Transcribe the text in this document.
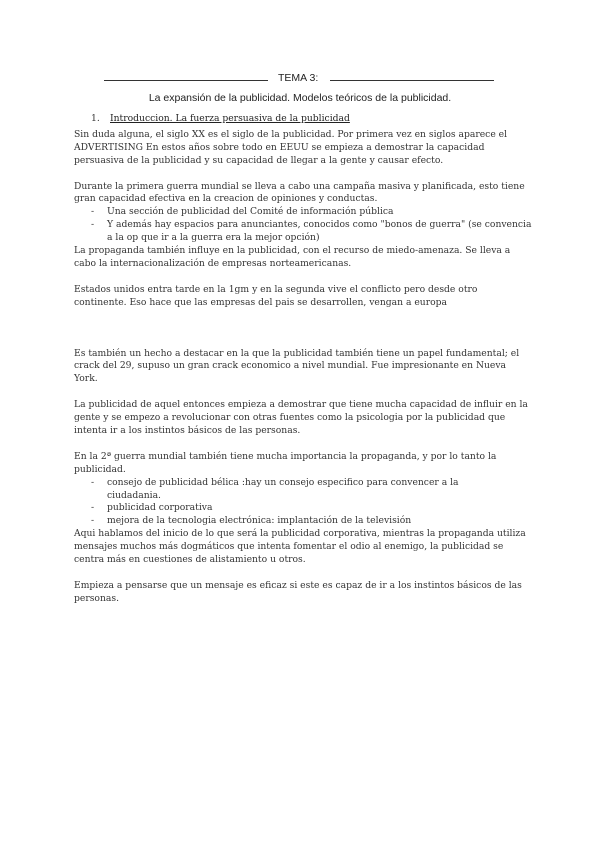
TEMA 3:
La expansión de la publicidad. Modelos teóricos de la publicidad.
1. Introduccion. La fuerza persuasiva de la publicidad

Sin duda alguna, el siglo XX es el siglo de la publicidad. Por primera vez en siglos aparece el ADVERTISING En estos años sobre todo en EEUU se empieza a demostrar la capacidad persuasiva de la publicidad y su capacidad de llegar a la gente y causar efecto.

Durante la primera guerra mundial se lleva a cabo una campaña masiva y planificada, esto tiene gran capacidad efectiva en la creacion de opiniones y conductas.

- Una sección de publicidad del Comité de información pública
- Y además hay espacios para anunciantes, conocidos como "bonos de guerra" (se convencia a la op que ir a la guerra era la mejor opción)

La propaganda también influye en la publicidad, con el recurso de miedo-amenaza. Se lleva a cabo la internacionalización de empresas norteamericanas.

Estados unidos entra tarde en la 1gm y en la segunda vive el conflicto pero desde otro continente. Eso hace que las empresas del pais se desarrollen, vengan a europa

Es también un hecho a destacar en la que la publicidad también tiene un papel fundamental; el crack del 29, supuso un gran crack economico a nivel mundial. Fue impresionante en Nueva York.

La publicidad de aquel entonces empieza a demostrar que tiene mucha capacidad de influir en la gente y se empezo a revolucionar con otras fuentes como la psicologia por la publicidad que intenta ir a los instintos básicos de las personas.

En la 2ª guerra mundial también tiene mucha importancia la propaganda, y por lo tanto la publicidad.

- consejo de publicidad bélica :hay un consejo especifico para convencer a la ciudadania.
- publicidad corporativa
- mejora de la tecnologia electrónica: implantación de la televisión

Aqui hablamos del inicio de lo que será la publicidad corporativa, mientras la propaganda utiliza mensajes muchos más dogmáticos que intenta fomentar el odio al enemigo, la publicidad se centra más en cuestiones de alistamiento u otros.

Empieza a pensarse que un mensaje es eficaz si este es capaz de ir a los instintos básicos de las personas.
